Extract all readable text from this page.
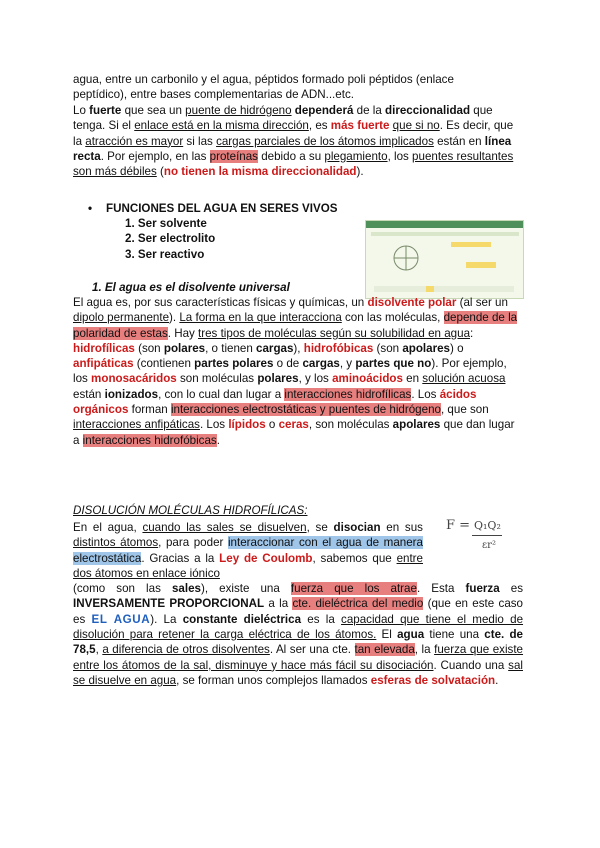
agua, entre un carbonilo y el agua, péptidos formado poli péptidos (enlace
peptídico), entre bases complementarias de ADN...etc.
Lo fuerte que sea un puente de hidrógeno dependerá de la direccionalidad que tenga. Si el enlace está en la misma dirección, es más fuerte que si no. Es decir, que la atracción es mayor si las cargas parciales de los átomos implicados están en línea recta. Por ejemplo, en las proteínas debido a su plegamiento, los puentes resultantes son más débiles (no tienen la misma direccionalidad).
• FUNCIONES DEL AGUA EN SERES VIVOS
1. Ser solvente
2. Ser electrolito
3. Ser reactivo
1. El agua es el disolvente universal
El agua es, por sus características físicas y químicas, un disolvente polar (al ser un dipolo permanente). La forma en la que interacciona con las moléculas, depende de la polaridad de estas. Hay tres tipos de moléculas según su solubilidad en agua: hidrofílicas (son polares, o tienen cargas), hidrofóbicas (son apolares) o anfipáticas (contienen partes polares o de cargas, y partes que no). Por ejemplo, los monosacáridos son moléculas polares, y los aminoácidos en solución acuosa están ionizados, con lo cual dan lugar a interacciones hidrofílicas. Los ácidos orgánicos forman interacciones electrostáticas y puentes de hidrógeno, que son interacciones anfipáticas. Los lípidos o ceras, son moléculas apolares que dan lugar a interacciones hidrofóbicas.
DISOLUCIÓN MOLÉCULAS HIDROFÍLICAS:
F = Q₁Q₂
εr²
En el agua, cuando las sales se disuelven, se disocian en sus distintos átomos, para poder interaccionar con el agua de manera electrostática. Gracias a la Ley de Coulomb, sabemos que entre dos átomos en enlace iónico
(como son las sales), existe una fuerza que los atrae. Esta fuerza es INVERSAMENTE PROPORCIONAL a la cte. dieléctrica del medio (que en este caso es EL AGUA). La constante dieléctrica es la capacidad que tiene el medio de disolución para retener la carga eléctrica de los átomos. El agua tiene una cte. de 78,5, a diferencia de otros disolventes. Al ser una cte. tan elevada, la fuerza que existe entre los átomos de la sal, disminuye y hace más fácil su disociación. Cuando una sal se disuelve en agua, se forman unos complejos llamados esferas de solvatación.
